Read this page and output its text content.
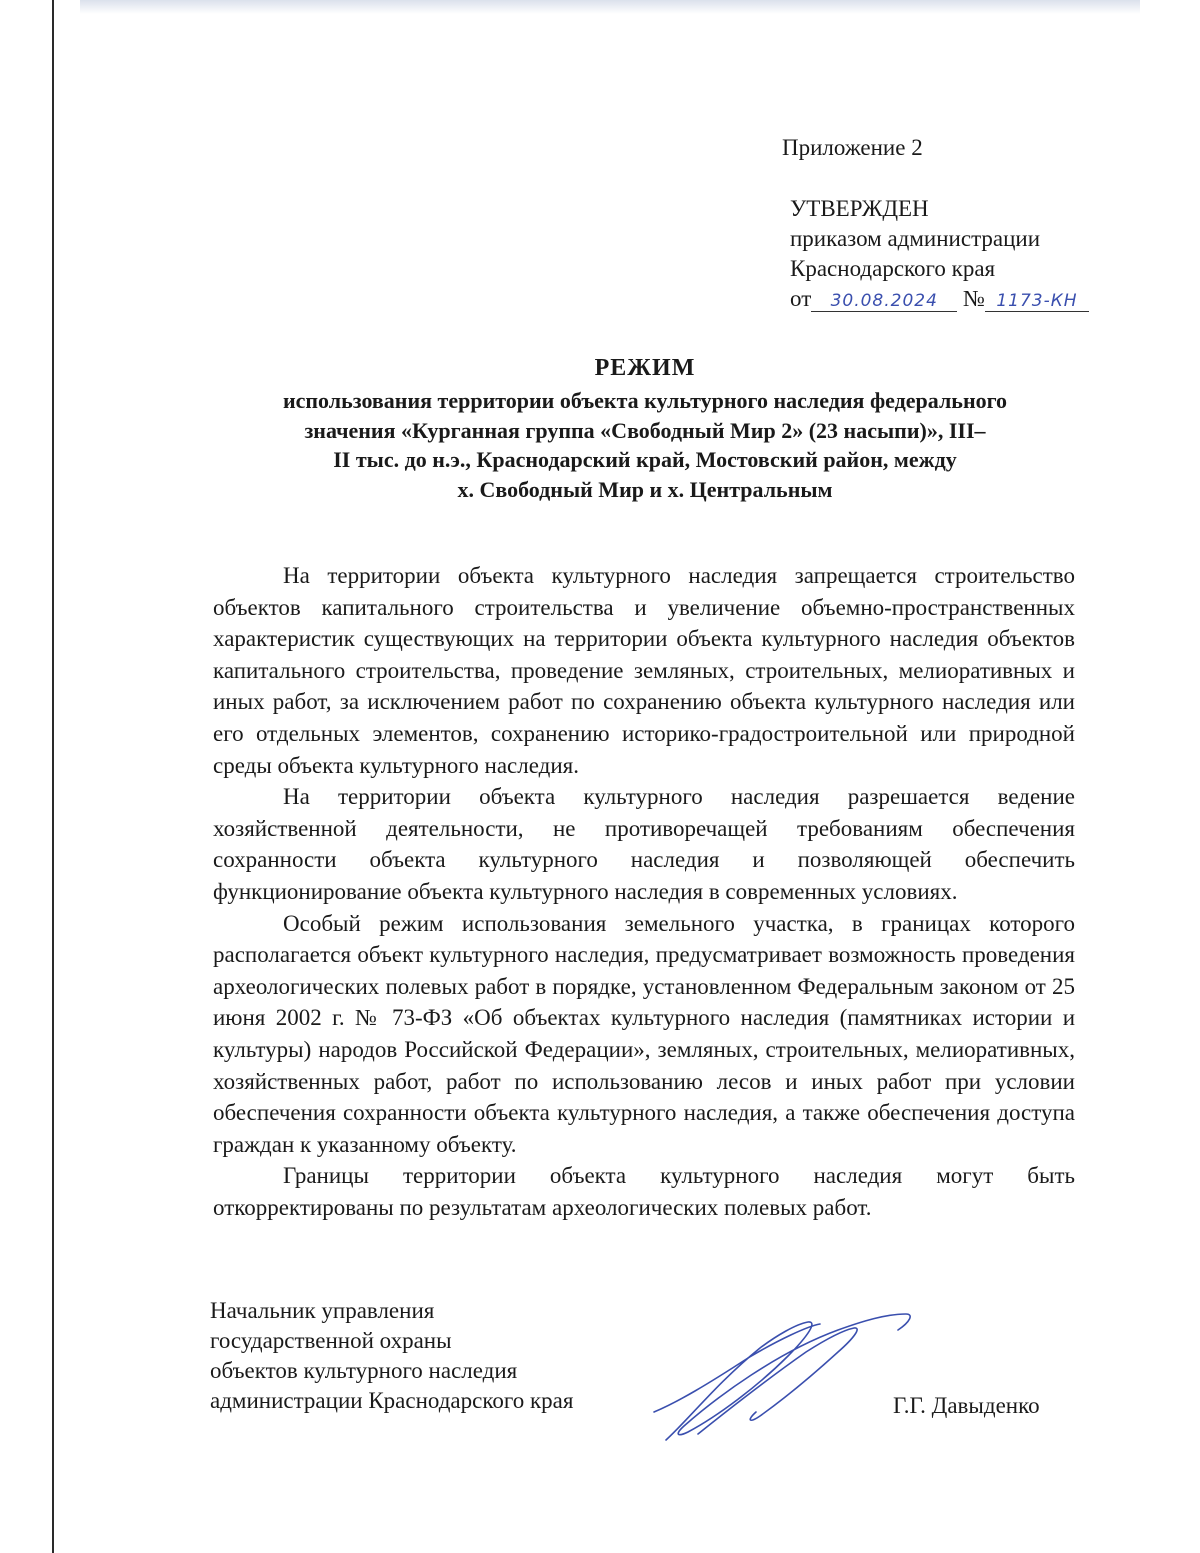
Приложение 2
УТВЕРЖДЕН
приказом администрации
Краснодарского края
от 30.08.2024 № 1173-КН
РЕЖИМ
использования территории объекта культурного наследия федерального
значения «Курганная группа «Свободный Мир 2» (23 насыпи)», III–
II тыс. до н.э., Краснодарский край, Мостовский район, между
х. Свободный Мир и х. Центральным

На территории объекта культурного наследия запрещается строительство объектов капитального строительства и увеличение объемно-пространственных характеристик существующих на территории объекта культурного наследия объектов капитального строительства, проведение земляных, строительных, мелиоративных и иных работ, за исключением работ по сохранению объекта культурного наследия или его отдельных элементов, сохранению историко-градостроительной или природной среды объекта культурного наследия.

На территории объекта культурного наследия разрешается ведение хозяйственной деятельности, не противоречащей требованиям обеспечения сохранности объекта культурного наследия и позволяющей обеспечить функционирование объекта культурного наследия в современных условиях.

Особый режим использования земельного участка, в границах которого располагается объект культурного наследия, предусматривает возможность проведения археологических полевых работ в порядке, установленном Федеральным законом от 25 июня 2002 г. № 73-ФЗ «Об объектах культурного наследия (памятниках истории и культуры) народов Российской Федерации», земляных, строительных, мелиоративных, хозяйственных работ, работ по использованию лесов и иных работ при условии обеспечения сохранности объекта культурного наследия, а также обеспечения доступа граждан к указанному объекту.

Границы территории объекта культурного наследия могут быть откорректированы по результатам археологических полевых работ.

Начальник управления
государственной охраны
объектов культурного наследия
администрации Краснодарского края	Г.Г. Давыденко
